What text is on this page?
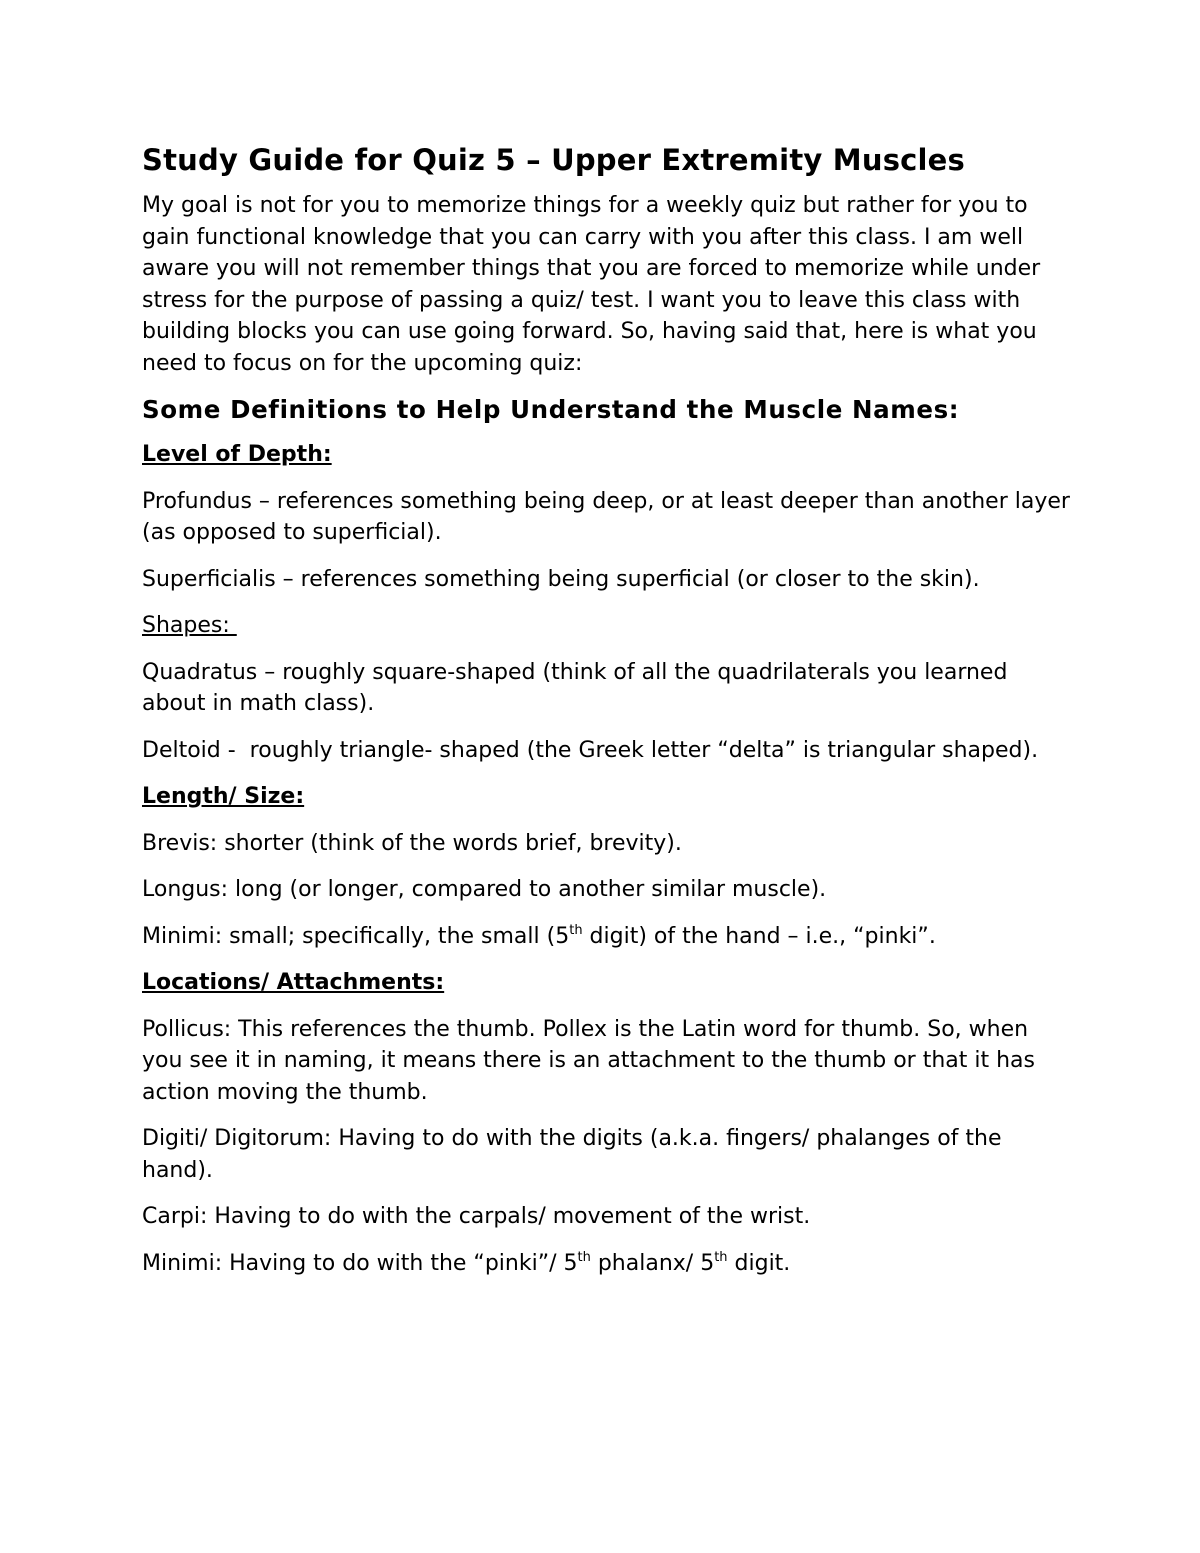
Study Guide for Quiz 5 – Upper Extremity Muscles

My goal is not for you to memorize things for a weekly quiz but rather for you to gain functional knowledge that you can carry with you after this class. I am well aware you will not remember things that you are forced to memorize while under stress for the purpose of passing a quiz/ test. I want you to leave this class with building blocks you can use going forward. So, having said that, here is what you need to focus on for the upcoming quiz:

Some Definitions to Help Understand the Muscle Names:

Level of Depth:

Profundus – references something being deep, or at least deeper than another layer (as opposed to superficial).

Superficialis – references something being superficial (or closer to the skin).

Shapes:

Quadratus – roughly square-shaped (think of all the quadrilaterals you learned about in math class).

Deltoid -  roughly triangle- shaped (the Greek letter “delta” is triangular shaped).

Length/ Size:

Brevis: shorter (think of the words brief, brevity).

Longus: long (or longer, compared to another similar muscle).

Minimi: small; specifically, the small (5th digit) of the hand – i.e., “pinki”.

Locations/ Attachments:

Pollicus: This references the thumb. Pollex is the Latin word for thumb. So, when you see it in naming, it means there is an attachment to the thumb or that it has action moving the thumb.

Digiti/ Digitorum: Having to do with the digits (a.k.a. fingers/ phalanges of the hand).

Carpi: Having to do with the carpals/ movement of the wrist.

Minimi: Having to do with the “pinki”/ 5th phalanx/ 5th digit.
